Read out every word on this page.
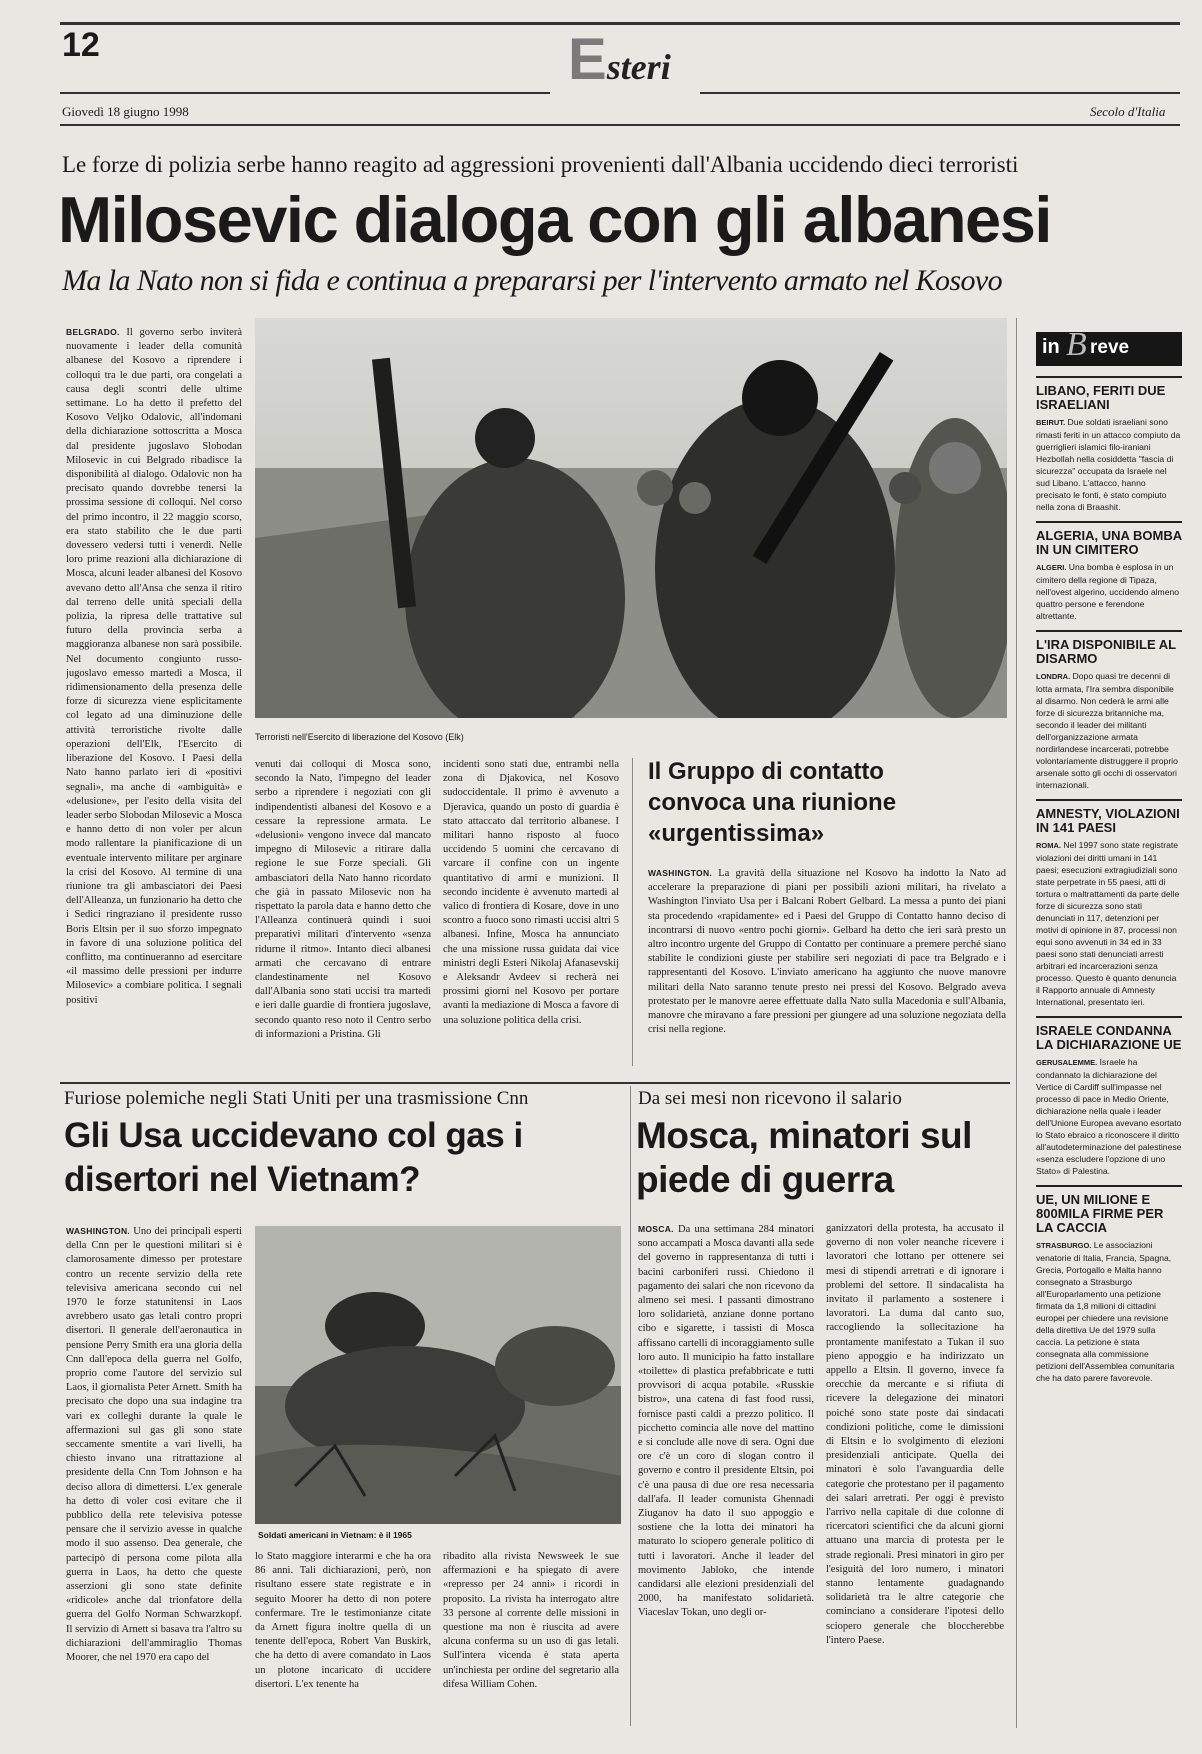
12	Esteri
Giovedì 18 giugno 1998	Secolo d'Italia
Le forze di polizia serbe hanno reagito ad aggressioni provenienti dall'Albania uccidendo dieci terroristi
Milosevic dialoga con gli albanesi
Ma la Nato non si fida e continua a prepararsi per l'intervento armato nel Kosovo
Terroristi nell'Esercito di liberazione del Kosovo (Elk)
BELGRADO. Il governo serbo inviterà nuovamente i leader della comunità albanese del Kosovo a riprendere i colloqui tra le due parti, ora congelati a causa degli scontri delle ultime settimane. Lo ha detto il prefetto del Kosovo Veljko Odalovic, all'indomani della dichiarazione sottoscritta a Mosca dal presidente jugoslavo Slobodan Milosevic in cui Belgrado ribadisce la disponibilità al dialogo. Odalovic non ha precisato quando dovrebbe tenersi la prossima sessione di colloqui. Nel corso del primo incontro, il 22 maggio scorso, era stato stabilito che le due parti dovessero vedersi tutti i venerdì. Nelle loro prime reazioni alla dichiarazione di Mosca, alcuni leader albanesi del Kosovo avevano detto all'Ansa che senza il ritiro dal terreno delle unità speciali della polizia, la ripresa delle trattative sul futuro della provincia serba a maggioranza albanese non sarà possibile. Nel documento congiunto russo-jugoslavo emesso martedì a Mosca, il ridimensionamento della presenza delle forze di sicurezza viene esplicitamente col legato ad una diminuzione delle attività terroristiche rivolte dalle operazioni dell'Elk, l'Esercito di liberazione del Kosovo. I Paesi della Nato hanno parlato ieri di «positivi segnali», ma anche di «ambiguità» e «delusione», per l'esito della visita del leader serbo Slobodan Milosevic a Mosca e hanno detto di non voler per alcun modo rallentare la pianificazione di un eventuale intervento militare per arginare la crisi del Kosovo. Al termine di una riunione tra gli ambasciatori dei Paesi dell'Alleanza, un funzionario ha detto che i Sedici ringraziano il presidente russo Boris Eltsin per il suo sforzo impegnato in favore di una soluzione politica del conflitto, ma continueranno ad esercitare «il massimo delle pressioni per indurre Milosevic» a combiare politica. I segnali positivi
venuti dai colloqui di Mosca sono, secondo la Nato, l'impegno del leader serbo a riprendere i negoziati con gli indipendentisti albanesi del Kosovo e a cessare la repressione armata. Le «delusioni» vengono invece dal mancato impegno di Milosevic a ritirare dalla regione le sue Forze speciali. Gli ambasciatori della Nato hanno ricordato che già in passato Milosevic non ha rispettato la parola data e hanno detto che l'Alleanza continuerà quindi i suoi preparativi militari d'intervento «senza ridurne il ritmo». Intanto dieci albanesi armati che cercavano di entrare clandestinamente nel Kosovo dall'Albania sono stati uccisi tra martedì e ieri dalle guardie di frontiera jugoslave, secondo quanto reso noto il Centro serbo di informazioni a Pristina. Gli
incidenti sono stati due, entrambi nella zona di Djakovica, nel Kosovo sudoccidentale. Il primo è avvenuto a Djeravica, quando un posto di guardia è stato attaccato dal territorio albanese. I militari hanno risposto al fuoco uccidendo 5 uomini che cercavano di varcare il confine con un ingente quantitativo di armi e munizioni. Il secondo incidente è avvenuto martedì al valico di frontiera di Kosare, dove in uno scontro a fuoco sono rimasti uccisi altri 5 albanesi. Infine, Mosca ha annunciato che una missione russa guidata dai vice ministri degli Esteri Nikolaj Afanasevskij e Aleksandr Avdeev si recherà nei prossimi giorni nel Kosovo per portare avanti la mediazione di Mosca a favore di una soluzione politica della crisi.
Il Gruppo di contatto convoca una riunione «urgentissima»
WASHINGTON. La gravità della situazione nel Kosovo ha indotto la Nato ad accelerare la preparazione di piani per possibili azioni militari, ha rivelato a Washington l'inviato Usa per i Balcani Robert Gelbard. La messa a punto dei piani sta procedendo «rapidamente» ed i Paesi del Gruppo di Contatto hanno deciso di incontrarsi di nuovo «entro pochi giorni». Gelbard ha detto che ieri sarà presto un altro incontro urgente del Gruppo di Contatto per continuare a premere perché siano stabilite le condizioni giuste per stabilire seri negoziati di pace tra Belgrado e i rappresentanti del Kosovo. L'inviato americano ha aggiunto che nuove manovre militari della Nato saranno tenute presto nei pressi del Kosovo. Belgrado aveva protestato per le manovre aeree effettuate dalla Nato sulla Macedonia e sull'Albania, manovre che miravano a fare pressioni per giungere ad una soluzione negoziata della crisi nella regione.
Furiose polemiche negli Stati Uniti per una trasmissione Cnn
Gli Usa uccidevano col gas i disertori nel Vietnam?
Soldati americani in Vietnam: è il 1965
WASHINGTON. Uno dei principali esperti della Cnn per le questioni militari si è clamorosamente dimesso per protestare contro un recente servizio della rete televisiva americana secondo cui nel 1970 le forze statunitensi in Laos avrebbero usato gas letali contro propri disertori. Il generale dell'aeronautica in pensione Perry Smith era una gloria della Cnn dall'epoca della guerra nel Golfo, proprio come l'autore del servizio sul Laos, il giornalista Peter Arnett. Smith ha precisato che dopo una sua indagine tra vari ex colleghi durante la quale le affermazioni sul gas gli sono state seccamente smentite a vari livelli, ha chiesto invano una ritrattazione al presidente della Cnn Tom Johnson e ha deciso allora di dimettersi. L'ex generale ha detto di voler così evitare che il pubblico della rete televisiva potesse pensare che il servizio avesse in qualche modo il suo assenso. Dea generale, che partecipò di persona come pilota alla guerra in Laos, ha detto che queste asserzioni gli sono state definite «ridicole» anche dal trionfatore della guerra del Golfo Norman Schwarzkopf. Il servizio di Arnett si basava tra l'altro su dichiarazioni dell'ammiraglio Thomas Moorer, che nel 1970 era capo del
lo Stato maggiore interarmi e che ha ora 86 anni. Tali dichiarazioni, però, non risultano essere state registrate e in seguito Moorer ha detto di non potere confermare. Tre le testimonianze citate da Arnett figura inoltre quella di un tenente dell'epoca, Robert Van Buskirk, che ha detto di avere comandato in Laos un plotone incaricato di uccidere disertori. L'ex tenente ha
ribadito alla rivista Newsweek le sue affermazioni e ha spiegato di avere «represso per 24 anni» i ricordi in proposito. La rivista ha interrogato altre 33 persone al corrente delle missioni in questione ma non è riuscita ad avere alcuna conferma su un uso di gas letali. Sull'intera vicenda è stata aperta un'inchiesta per ordine del segretario alla difesa William Cohen.
Da sei mesi non ricevono il salario
Mosca, minatori sul piede di guerra
MOSCA. Da una settimana 284 minatori sono accampati a Mosca davanti alla sede del governo in rappresentanza di tutti i bacini carboniferi russi. Chiedono il pagamento dei salari che non ricevono da almeno sei mesi. I passanti dimostrano loro solidarietà, anziane donne portano cibo e sigarette, i tassisti di Mosca affissano cartelli di incoraggiamento sulle loro auto. Il municipio ha fatto installare «toilette» di plastica prefabbricate e tutti provvisori di acqua potabile. «Russkie bistro», una catena di fast food russi, fornisce pasti caldi a prezzo politico. Il picchetto comincia alle nove del mattino e si conclude alle nove di sera. Ogni due ore c'è un coro di slogan contro il governo e contro il presidente Eltsin, poi c'è una pausa di due ore resa necessaria dall'afa. Il leader comunista Ghennadi Ziuganov ha dato il suo appoggio e sostiene che la lotta dei minatori ha maturato lo sciopero generale politico di tutti i lavoratori. Anche il leader del movimento Jabloko, che intende candidarsi alle elezioni presidenziali del 2000, ha manifestato solidarietà. Viaceslav Tokan, uno degli or-
ganizzatori della protesta, ha accusato il governo di non voler neanche ricevere i lavoratori che lottano per ottenere sei mesi di stipendi arretrati e di ignorare i problemi del settore. Il sindacalista ha invitato il parlamento a sostenere i lavoratori. La duma dal canto suo, raccogliendo la sollecitazione ha prontamente manifestato a Tukan il suo pieno appoggio e ha indirizzato un appello a Eltsin. Il governo, invece fa orecchie da mercante e si rifiuta di ricevere la delegazione dei minatori poiché sono state poste dai sindacati condizioni politiche, come le dimissioni di Eltsin e lo svolgimento di elezioni presidenziali anticipate. Quella dei minatori è solo l'avanguardia delle categorie che protestano per il pagamento dei salari arretrati. Per oggi è previsto l'arrivo nella capitale di due colonne di ricercatori scientifici che da alcuni giorni attuano una marcia di protesta per le strade regionali. Presi minatori in giro per l'esiguità del loro numero, i minatori stanno lentamente guadagnando solidarietà tra le altre categorie che cominciano a considerare l'ipotesi dello sciopero generale che bloccherebbe l'intero Paese.
in B reve

LIBANO, FERITI DUE ISRAELIANI

BEIRUT. Due soldati israeliani sono rimasti feriti in un attacco compiuto da guerriglieri islamici filo-iraniani Hezbollah nella cosiddetta "fascia di sicurezza" occupata da Israele nel sud Libano. L'attacco, hanno precisato le fonti, è stato compiuto nella zona di Braashit.

ALGERIA, UNA BOMBA IN UN CIMITERO

ALGERI. Una bomba è esplosa in un cimitero della regione di Tipaza, nell'ovest algerino, uccidendo almeno quattro persone e ferendone altrettante.

L'IRA DISPONIBILE AL DISARMO

LONDRA. Dopo quasi tre decenni di lotta armata, l'Ira sembra disponibile al disarmo. Non cederà le armi alle forze di sicurezza britanniche ma, secondo il leader dei militanti dell'organizzazione armata nordirlandese incarcerati, potrebbe volontariamente distruggere il proprio arsenale sotto gli occhi di osservatori internazionali.

AMNESTY, VIOLAZIONI IN 141 PAESI

ROMA. Nel 1997 sono state registrate violazioni dei diritti umani in 141 paesi; esecuzioni extragiudiziali sono state perpetrate in 55 paesi, atti di tortura o maltrattamenti da parte delle forze di sicurezza sono stati denunciati in 117, detenzioni per motivi di opinione in 87, processi non equi sono avvenuti in 34 ed in 33 paesi sono stati denunciati arresti arbitrari ed incarcerazioni senza processo. Questo è quanto denuncia il Rapporto annuale di Amnesty International, presentato ieri.

ISRAELE CONDANNA LA DICHIARAZIONE UE

GERUSALEMME. Israele ha condannato la dichiarazione del Vertice di Cardiff sull'impasse nel processo di pace in Medio Oriente, dichiarazione nella quale i leader dell'Unione Europea avevano esortato lo Stato ebraico a riconoscere il diritto all'autodeterminazione del palestinese «senza escludere l'opzione di uno Stato» di Palestina.

UE, UN MILIONE E 800MILA FIRME PER LA CACCIA

STRASBURGO. Le associazioni venatorie di Italia, Francia, Spagna, Grecia, Portogallo e Malta hanno consegnato a Strasburgo all'Europarlamento una petizione firmata da 1,8 milioni di cittadini europei per chiedere una revisione della direttiva Ue del 1979 sulla caccia. La petizione è stata consegnata alla commissione petizioni dell'Assemblea comunitaria che ha dato parere favorevole.
